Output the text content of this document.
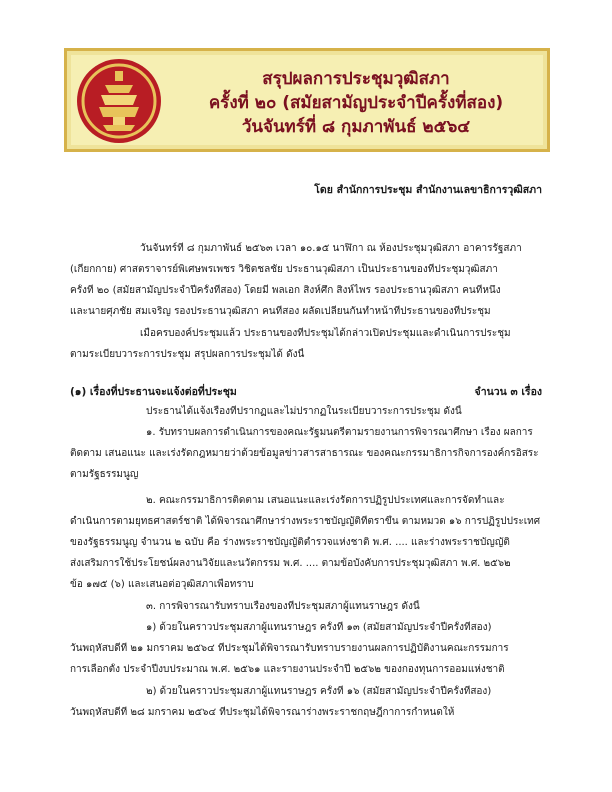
สรุปผลการประชุมวุฒิสภา
ครั้งที่ ๒๐ (สมัยสามัญประจำปีครั้งที่สอง)
วันจันทร์ที่ ๘ กุมภาพันธ์ ๒๕๖๔
โดย สำนักการประชุม สำนักงานเลขาธิการวุฒิสภา
วันจันทร์ที่ ๘ กุมภาพันธ์ ๒๕๖๓ เวลา ๑๐.๑๕ นาฬิกา ณ ห้องประชุมวุฒิสภา อาคารรัฐสภา
(เกียกกาย) ศาสตราจารย์พิเศษพรเพชร วิชิตชลชัย ประธานวุฒิสภา เป็นประธานของที่ประชุมวุฒิสภา
ครั้งที่ ๒๐ (สมัยสามัญประจำปีครั้งที่สอง) โดยมี พลเอก สิงห์ศึก สิงห์ไพร รองประธานวุฒิสภา คนที่หนึ่ง
และนายศุภชัย สมเจริญ รองประธานวุฒิสภา คนที่สอง ผลัดเปลี่ยนกันทำหน้าที่ประธานของที่ประชุม
เมื่อครบองค์ประชุมแล้ว ประธานของที่ประชุมได้กล่าวเปิดประชุมและดำเนินการประชุม
(๑) เรื่องที่ประธานจะแจ้งต่อที่ประชุม	จำนวน ๓ เรื่อง
ตามระเบียบวาระการประชุม สรุปผลการประชุมได้ ดังนี้
ประธานได้แจ้งเรื่องที่ปรากฏและไม่ปรากฏในระเบียบวาระการประชุม ดังนี้
๑. รับทราบผลการดำเนินการของคณะรัฐมนตรีตามรายงานการพิจารณาศึกษา เรื่อง ผลการ
ติดตาม เสนอแนะ และเร่งรัดกฎหมายว่าด้วยข้อมูลข่าวสารสาธารณะ ของคณะกรรมาธิการกิจการองค์กรอิสระ
ตามรัฐธรรมนูญ
๒. คณะกรรมาธิการติดตาม เสนอแนะและเร่งรัดการปฏิรูปประเทศและการจัดทำและ
ดำเนินการตามยุทธศาสตร์ชาติ ได้พิจารณาศึกษาร่างพระราชบัญญัติที่ตราขึ้น ตามหมวด ๑๖ การปฏิรูปประเทศ
ของรัฐธรรมนูญ จำนวน ๒ ฉบับ คือ ร่างพระราชบัญญัติตำรวจแห่งชาติ พ.ศ. .... และร่างพระราชบัญญัติ
ส่งเสริมการใช้ประโยชน์ผลงานวิจัยและนวัตกรรม พ.ศ. .... ตามข้อบังคับการประชุมวุฒิสภา พ.ศ. ๒๕๖๒
ข้อ ๑๗๕ (๖) และเสนอต่อวุฒิสภาเพื่อทราบ
๓. การพิจารณารับทราบเรื่องของที่ประชุมสภาผู้แทนราษฎร ดังนี้
๑) ด้วยในคราวประชุมสภาผู้แทนราษฎร ครั้งที่ ๑๓ (สมัยสามัญประจำปีครั้งที่สอง)
วันพฤหัสบดีที่ ๒๑ มกราคม ๒๕๖๔ ที่ประชุมได้พิจารณารับทราบรายงานผลการปฏิบัติงานคณะกรรมการ
การเลือกตั้ง ประจำปีงบประมาณ พ.ศ. ๒๕๖๑ และรายงานประจำปี ๒๕๖๒ ของกองทุนการออมแห่งชาติ
๒) ด้วยในคราวประชุมสภาผู้แทนราษฎร ครั้งที่ ๑๖ (สมัยสามัญประจำปีครั้งที่สอง)
วันพฤหัสบดีที่ ๒๘ มกราคม ๒๕๖๔ ที่ประชุมได้พิจารณาร่างพระราชกฤษฎีกาการกำหนดให้
